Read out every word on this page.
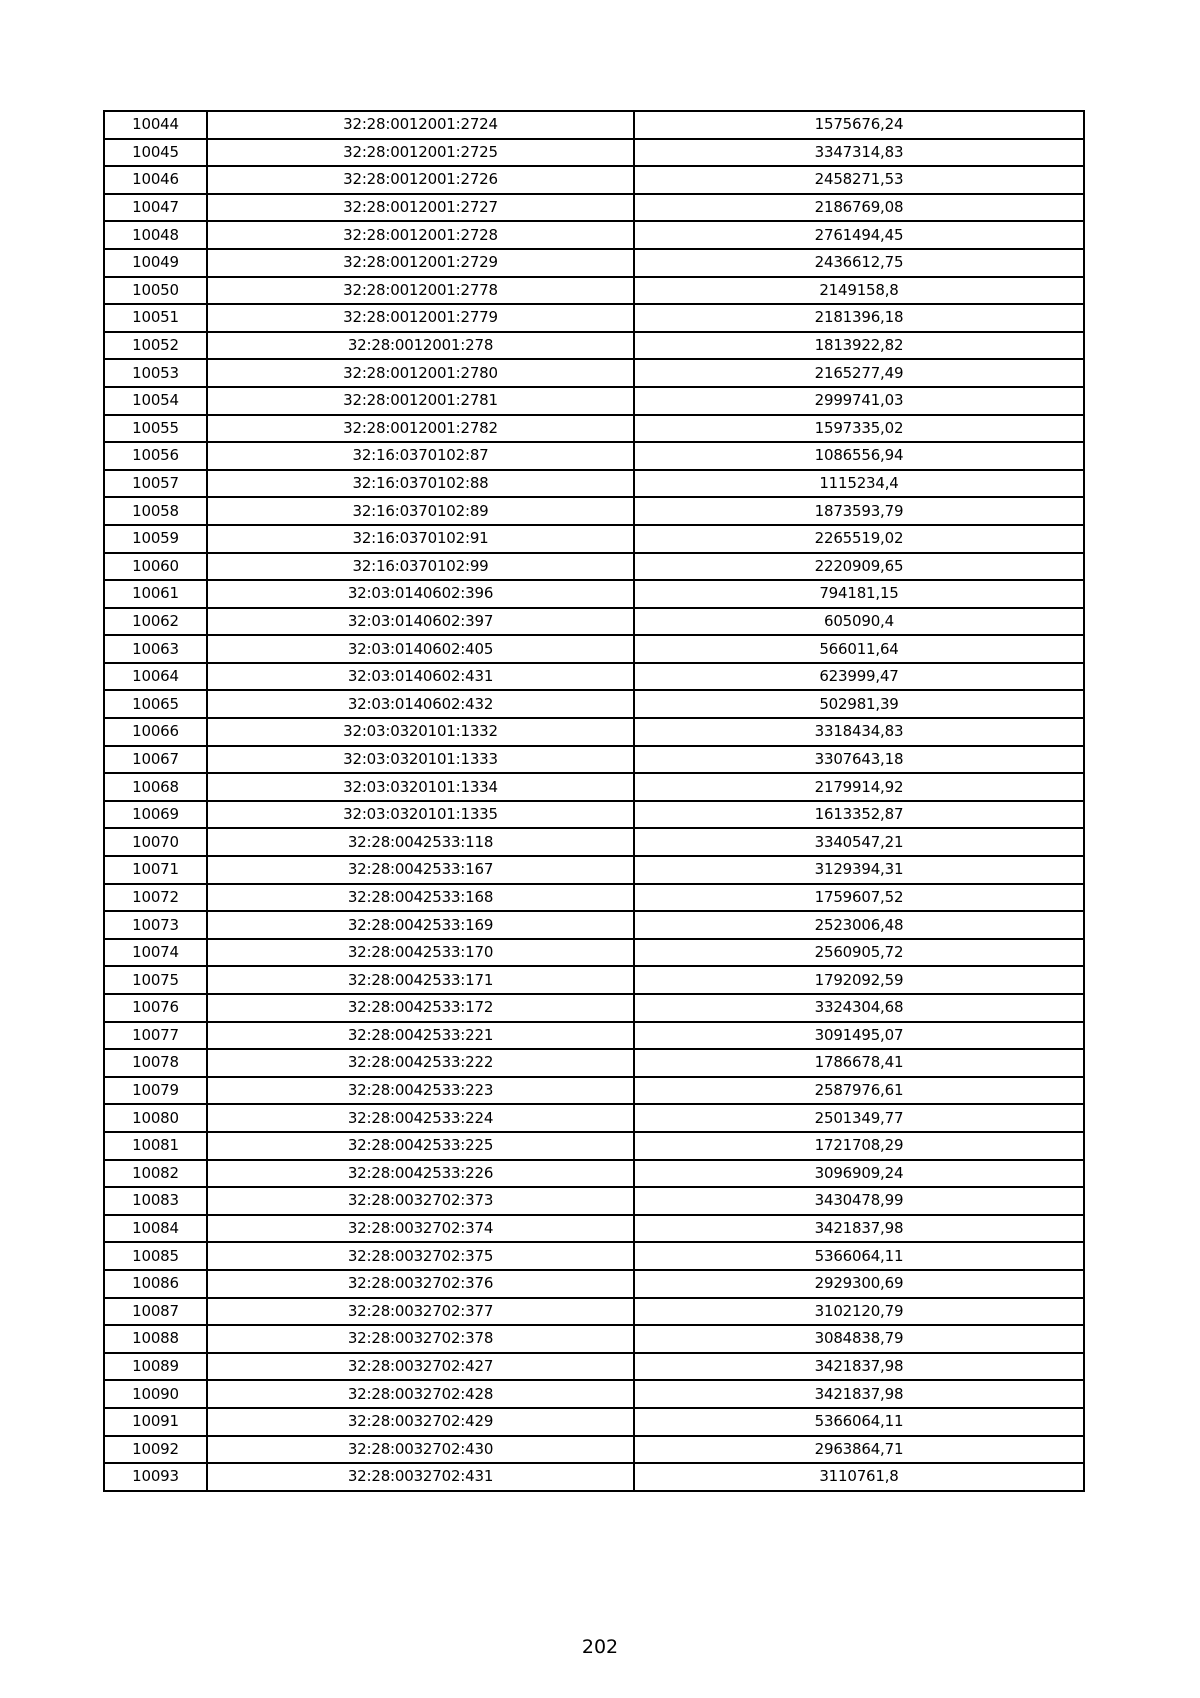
10044	32:28:0012001:2724	1575676,24
10045	32:28:0012001:2725	3347314,83
10046	32:28:0012001:2726	2458271,53
10047	32:28:0012001:2727	2186769,08
10048	32:28:0012001:2728	2761494,45
10049	32:28:0012001:2729	2436612,75
10050	32:28:0012001:2778	2149158,8
10051	32:28:0012001:2779	2181396,18
10052	32:28:0012001:278	1813922,82
10053	32:28:0012001:2780	2165277,49
10054	32:28:0012001:2781	2999741,03
10055	32:28:0012001:2782	1597335,02
10056	32:16:0370102:87	1086556,94
10057	32:16:0370102:88	1115234,4
10058	32:16:0370102:89	1873593,79
10059	32:16:0370102:91	2265519,02
10060	32:16:0370102:99	2220909,65
10061	32:03:0140602:396	794181,15
10062	32:03:0140602:397	605090,4
10063	32:03:0140602:405	566011,64
10064	32:03:0140602:431	623999,47
10065	32:03:0140602:432	502981,39
10066	32:03:0320101:1332	3318434,83
10067	32:03:0320101:1333	3307643,18
10068	32:03:0320101:1334	2179914,92
10069	32:03:0320101:1335	1613352,87
10070	32:28:0042533:118	3340547,21
10071	32:28:0042533:167	3129394,31
10072	32:28:0042533:168	1759607,52
10073	32:28:0042533:169	2523006,48
10074	32:28:0042533:170	2560905,72
10075	32:28:0042533:171	1792092,59
10076	32:28:0042533:172	3324304,68
10077	32:28:0042533:221	3091495,07
10078	32:28:0042533:222	1786678,41
10079	32:28:0042533:223	2587976,61
10080	32:28:0042533:224	2501349,77
10081	32:28:0042533:225	1721708,29
10082	32:28:0042533:226	3096909,24
10083	32:28:0032702:373	3430478,99
10084	32:28:0032702:374	3421837,98
10085	32:28:0032702:375	5366064,11
10086	32:28:0032702:376	2929300,69
10087	32:28:0032702:377	3102120,79
10088	32:28:0032702:378	3084838,79
10089	32:28:0032702:427	3421837,98
10090	32:28:0032702:428	3421837,98
10091	32:28:0032702:429	5366064,11
10092	32:28:0032702:430	2963864,71
10093	32:28:0032702:431	3110761,8
202
